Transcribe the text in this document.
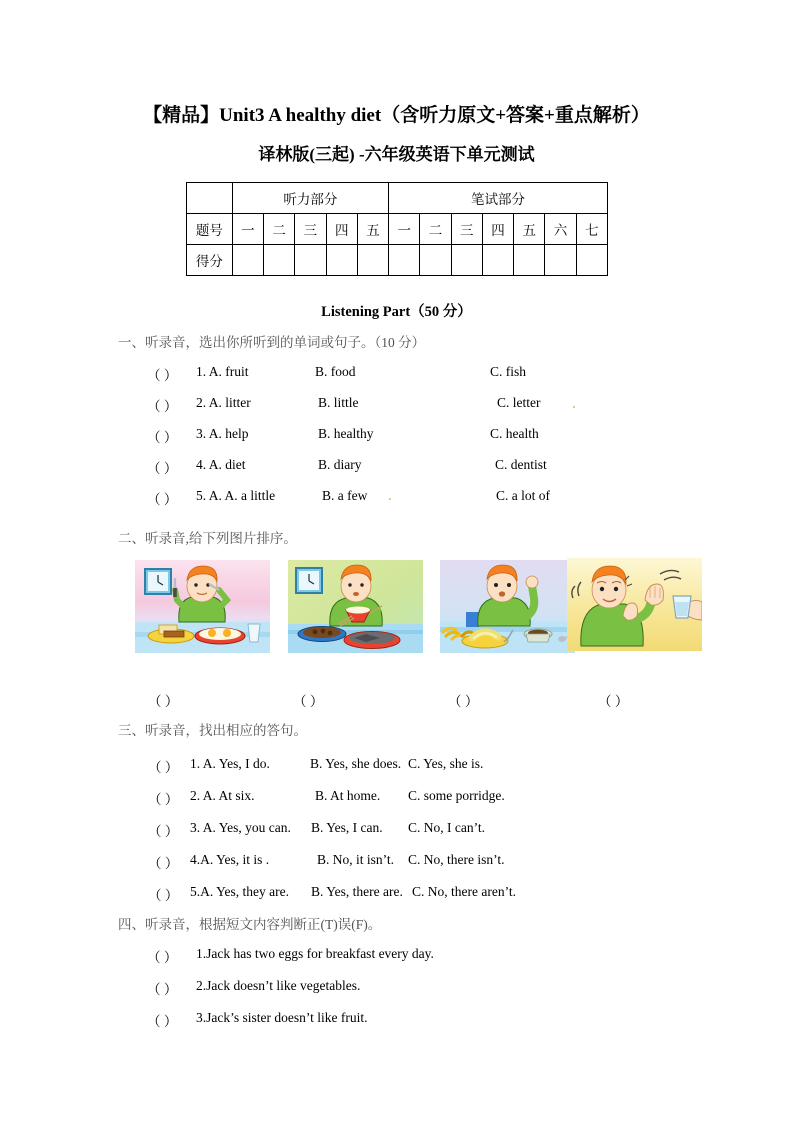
【精品】Unit3 A healthy diet（含听力原文+答案+重点解析）
译林版(三起) -六年级英语下单元测试
	听力部分					笔试部分						
题号	一	二	三	四	五	一	二	三	四	五	六	七
得分												
Listening Part（50 分）
一、听录音，选出你所听到的单词或句子。（10 分）
（ ） 1. A. fruit	B. food	C. fish
（ ） 2. A. litter	B. little	C. letter
（ ） 3. A. help	B. healthy	C. health
（ ） 4. A. diet	B. diary	C. dentist
（ ） 5. A. A. a little	B. a few	C. a lot of
二、听录音,给下列图片排序。
（ ）	（ ）	（ ）	（ ）
三、听录音，找出相应的答句。
（ ） 1. A. Yes, I do.	B. Yes, she does. C. Yes, she is.
（ ） 2. A. At six.	B. At home. C. some porridge.
（ ） 3. A. Yes, you can. B. Yes, I can. C. No, I can’t.
（ ） 4.A. Yes, it is .	B. No, it isn’t. C. No, there isn’t.
（ ） 5.A. Yes, they are. B. Yes, there are. C. No, there aren’t.
四、听录音，根据短文内容判断正(T)误(F)。
（ ） 1.Jack has two eggs for breakfast every day.
（ ） 2.Jack doesn’t like vegetables.
（ ） 3.Jack’s sister doesn’t like fruit.
